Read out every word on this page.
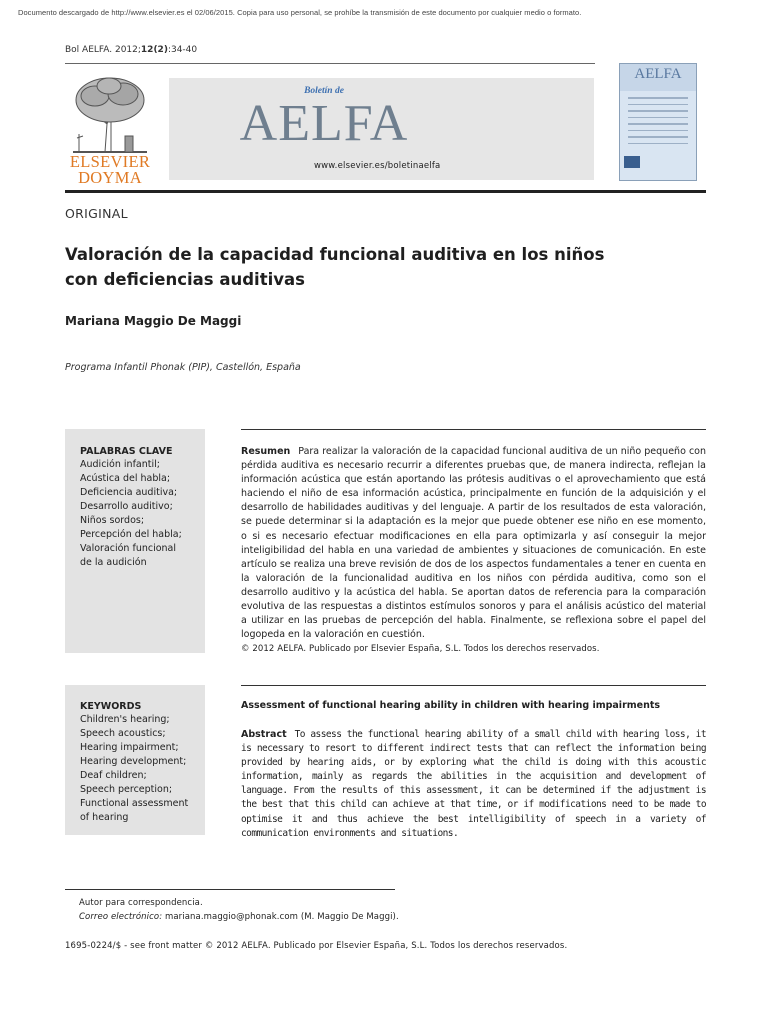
Documento descargado de http://www.elsevier.es el 02/06/2015. Copia para uso personal, se prohíbe la transmisión de este documento por cualquier medio o formato.
Bol AELFA. 2012;12(2):34-40
ELSEVIER
DOYMA
Boletín de
AELFA
www.elsevier.es/boletinaelfa
AELFA
ORIGINAL
Valoración de la capacidad funcional auditiva en los niños
con deficiencias auditivas
Mariana Maggio De Maggi
Programa Infantil Phonak (PIP), Castellón, España
PALABRAS CLAVE
Audición infantil;
Acústica del habla;
Deficiencia auditiva;
Desarrollo auditivo;
Niños sordos;
Percepción del habla;
Valoración funcional
de la audición

Resumen Para realizar la valoración de la capacidad funcional auditiva de un niño pequeño con pérdida auditiva es necesario recurrir a diferentes pruebas que, de manera indirecta, reflejan la información acústica que están aportando las prótesis auditivas o el aprovechamiento que está haciendo el niño de esa información acústica, principalmente en función de la adquisición y el desarrollo de habilidades auditivas y del lenguaje. A partir de los resultados de esta valoración, se puede determinar si la adaptación es la mejor que puede obtener ese niño en ese momento, o si es necesario efectuar modificaciones en ella para optimizarla y así conseguir la mejor inteligibilidad del habla en una variedad de ambientes y situaciones de comunicación. En este artículo se realiza una breve revisión de dos de los aspectos fundamentales a tener en cuenta en la valoración de la funcionalidad auditiva en los niños con pérdida auditiva, como son el desarrollo auditivo y la acústica del habla. Se aportan datos de referencia para la comparación evolutiva de las respuestas a distintos estímulos sonoros y para el análisis acústico del material a utilizar en las pruebas de percepción del habla. Finalmente, se reflexiona sobre el papel del logopeda en la valoración en cuestión.

© 2012 AELFA. Publicado por Elsevier España, S.L. Todos los derechos reservados.
KEYWORDS
Children's hearing;
Speech acoustics;
Hearing impairment;
Hearing development;
Deaf children;
Speech perception;
Functional assessment
of hearing
Assessment of functional hearing ability in children with hearing impairments

Abstract To assess the functional hearing ability of a small child with hearing loss, it is necessary to resort to different indirect tests that can reflect the information being provided by hearing aids, or by exploring what the child is doing with this acoustic information, mainly as regards the abilities in the acquisition and development of language. From the results of this assessment, it can be determined if the adjustment is the best that this child can achieve at that time, or if modifications need to be made to optimise it and thus achieve the best intelligibility of speech in a variety of communication environments and situations.

Autor para correspondencia.
Correo electrónico: mariana.maggio@phonak.com (M. Maggio De Maggi).
1695-0224/$ - see front matter © 2012 AELFA. Publicado por Elsevier España, S.L. Todos los derechos reservados.
